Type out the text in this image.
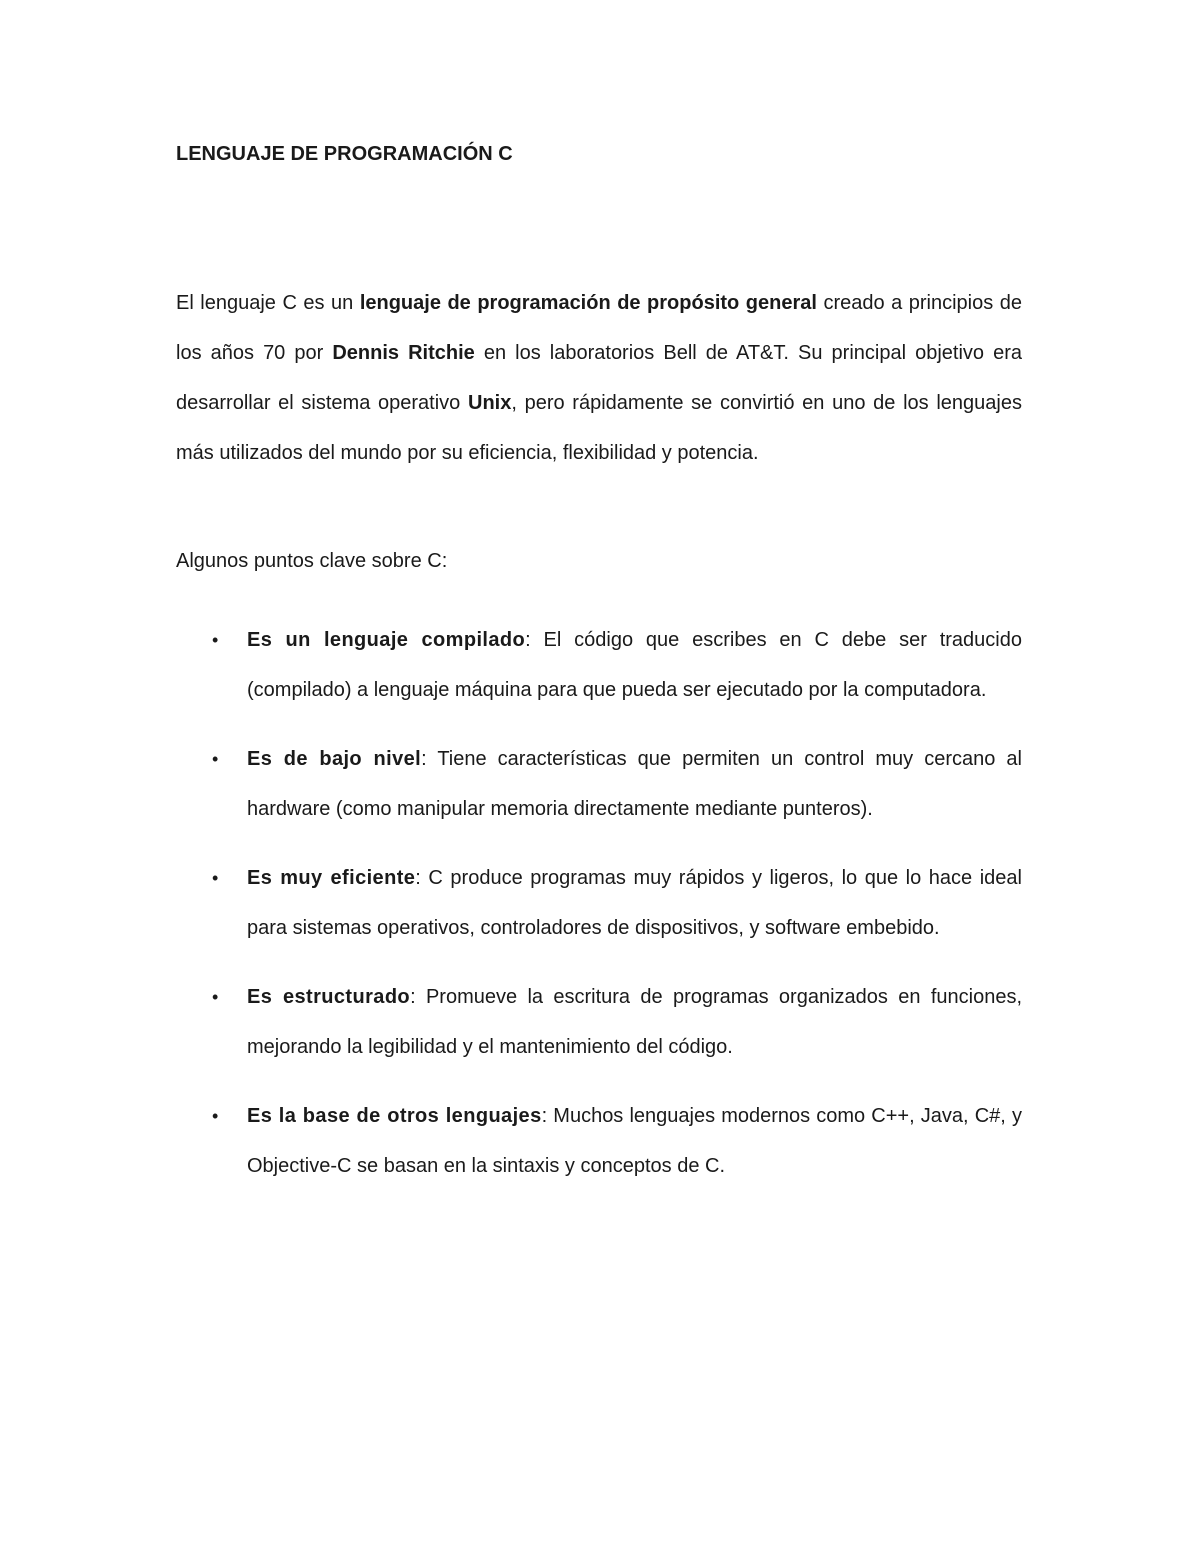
LENGUAJE DE PROGRAMACIÓN C

El lenguaje C es un lenguaje de programación de propósito general creado a principios de los años 70 por Dennis Ritchie en los laboratorios Bell de AT&T. Su principal objetivo era desarrollar el sistema operativo Unix, pero rápidamente se convirtió en uno de los lenguajes más utilizados del mundo por su eficiencia, flexibilidad y potencia.

Algunos puntos clave sobre C:

• Es un lenguaje compilado: El código que escribes en C debe ser traducido (compilado) a lenguaje máquina para que pueda ser ejecutado por la computadora.
• Es de bajo nivel: Tiene características que permiten un control muy cercano al hardware (como manipular memoria directamente mediante punteros).
• Es muy eficiente: C produce programas muy rápidos y ligeros, lo que lo hace ideal para sistemas operativos, controladores de dispositivos, y software embebido.
• Es estructurado: Promueve la escritura de programas organizados en funciones, mejorando la legibilidad y el mantenimiento del código.
• Es la base de otros lenguajes: Muchos lenguajes modernos como C++, Java, C#, y Objective-C se basan en la sintaxis y conceptos de C.
